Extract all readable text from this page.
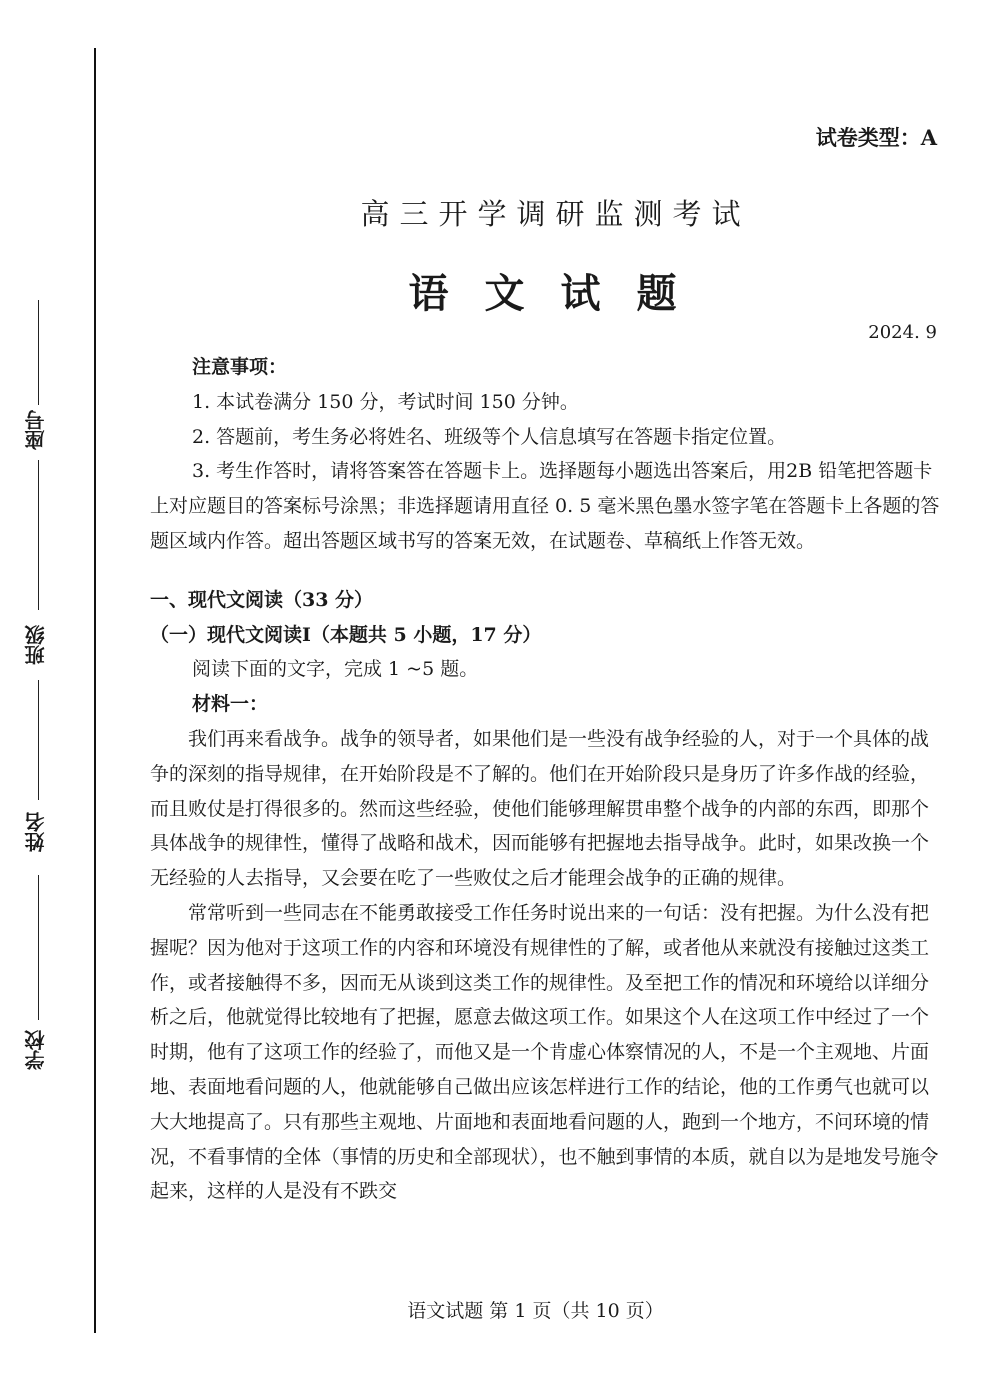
座号
班级
姓名
学校
试卷类型：A
高三开学调研监测考试
语文试题
2024. 9

注意事项：

1. 本试卷满分 150 分，考试时间 150 分钟。

2. 答题前，考生务必将姓名、班级等个人信息填写在答题卡指定位置。

3. 考生作答时，请将答案答在答题卡上。选择题每小题选出答案后，用2B 铅笔把答题卡上对应题目的答案标号涂黑；非选择题请用直径 0. 5 毫米黑色墨水签字笔在答题卡上各题的答题区域内作答。超出答题区域书写的答案无效，在试题卷、草稿纸上作答无效。

一、现代文阅读（33 分）

（一）现代文阅读Ⅰ（本题共 5 小题，17 分）

阅读下面的文字，完成 1 ~5 题。

材料一：

我们再来看战争。战争的领导者，如果他们是一些没有战争经验的人，对于一个具体的战争的深刻的指导规律，在开始阶段是不了解的。他们在开始阶段只是身历了许多作战的经验，而且败仗是打得很多的。然而这些经验，使他们能够理解贯串整个战争的内部的东西，即那个具体战争的规律性，懂得了战略和战术，因而能够有把握地去指导战争。此时，如果改换一个无经验的人去指导，又会要在吃了一些败仗之后才能理会战争的正确的规律。

常常听到一些同志在不能勇敢接受工作任务时说出来的一句话：没有把握。为什么没有把握呢？因为他对于这项工作的内容和环境没有规律性的了解，或者他从来就没有接触过这类工作，或者接触得不多，因而无从谈到这类工作的规律性。及至把工作的情况和环境给以详细分析之后，他就觉得比较地有了把握，愿意去做这项工作。如果这个人在这项工作中经过了一个时期，他有了这项工作的经验了，而他又是一个肯虚心体察情况的人，不是一个主观地、片面地、表面地看问题的人，他就能够自己做出应该怎样进行工作的结论，他的工作勇气也就可以大大地提高了。只有那些主观地、片面地和表面地看问题的人，跑到一个地方，不问环境的情况，不看事情的全体（事情的历史和全部现状），也不触到事情的本质，就自以为是地发号施令起来，这样的人是没有不跌交

语文试题 第 1 页（共 10 页）
